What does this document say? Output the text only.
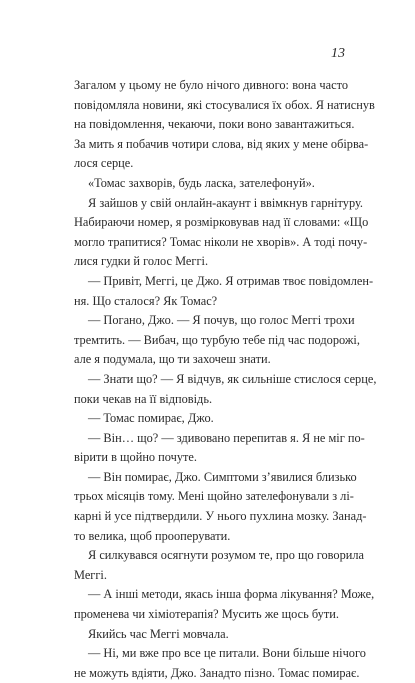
13
Загалом у цьому не було нічого дивного: вона часто
повідомляла новини, які стосувалися їх обох. Я натиснув
на повідомлення, чекаючи, поки воно завантажиться.
За мить я побачив чотири слова, від яких у мене обірва-
лося серце.
«Томас захворів, будь ласка, зателефонуй».
Я зайшов у свій онлайн-акаунт і ввімкнув гарнітуру.
Набираючи номер, я розмірковував над її словами: «Що
могло трапитися? Томас ніколи не хворів». А тоді почу-
лися гудки й голос Меггі.
— Привіт, Меггі, це Джо. Я отримав твоє повідомлен-
ня. Що сталося? Як Томас?
— Погано, Джо. — Я почув, що голос Меггі трохи
тремтить. — Вибач, що турбую тебе під час подорожі,
але я подумала, що ти захочеш знати.
— Знати що? — Я відчув, як сильніше стислося серце,
поки чекав на її відповідь.
— Томас помирає, Джо.
— Він… що? — здивовано перепитав я. Я не міг по-
вірити в щойно почуте.
— Він помирає, Джо. Симптоми з’явилися близько
трьох місяців тому. Мені щойно зателефонували з лі-
карні й усе підтвердили. У нього пухлина мозку. Занад-
то велика, щоб прооперувати.
Я силкувався осягнути розумом те, про що говорила
Меггі.
— А інші методи, якась інша форма лікування? Може,
променева чи хіміотерапія? Мусить же щось бути.
Якийсь час Меггі мовчала.
— Ні, ми вже про все це питали. Вони більше нічого
не можуть вдіяти, Джо. Занадто пізно. Томас помирає.
